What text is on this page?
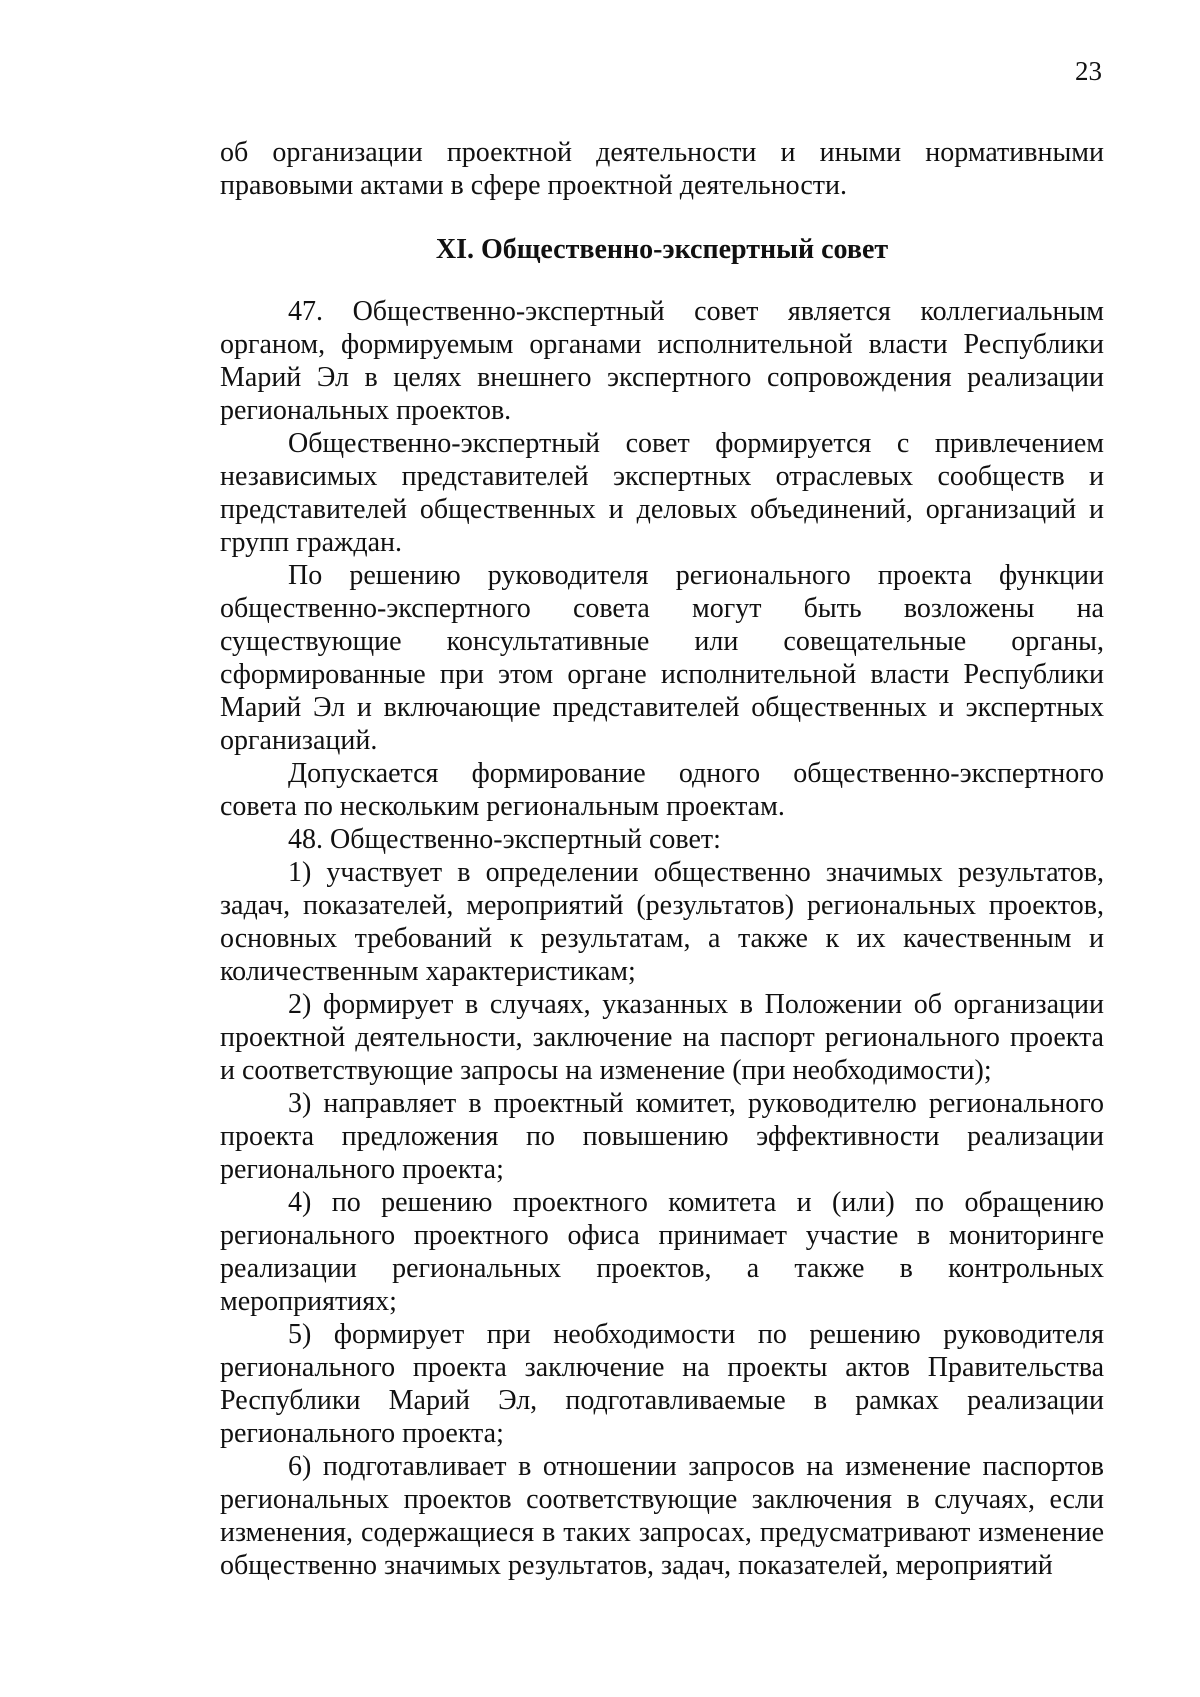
23

об организации проектной деятельности и иными нормативными правовыми актами в сфере проектной деятельности.

XI. Общественно-экспертный совет

47. Общественно-экспертный совет является коллегиальным органом, формируемым органами исполнительной власти Республики Марий Эл в целях внешнего экспертного сопровождения реализации региональных проектов.

Общественно-экспертный совет формируется с привлечением независимых представителей экспертных отраслевых сообществ и представителей общественных и деловых объединений, организаций и групп граждан.

По решению руководителя регионального проекта функции общественно-экспертного совета могут быть возложены на существующие консультативные или совещательные органы, сформированные при этом органе исполнительной власти Республики Марий Эл и включающие представителей общественных и экспертных организаций.

Допускается формирование одного общественно-экспертного совета по нескольким региональным проектам.

48. Общественно-экспертный совет:

1) участвует в определении общественно значимых результатов, задач, показателей, мероприятий (результатов) региональных проектов, основных требований к результатам, а также к их качественным и количественным характеристикам;

2) формирует в случаях, указанных в Положении об организации проектной деятельности, заключение на паспорт регионального проекта и соответствующие запросы на изменение (при необходимости);

3) направляет в проектный комитет, руководителю регионального проекта предложения по повышению эффективности реализации регионального проекта;

4) по решению проектного комитета и (или) по обращению регионального проектного офиса принимает участие в мониторинге реализации региональных проектов, а также в контрольных мероприятиях;

5) формирует при необходимости по решению руководителя регионального проекта заключение на проекты актов Правительства Республики Марий Эл, подготавливаемые в рамках реализации регионального проекта;

6) подготавливает в отношении запросов на изменение паспортов региональных проектов соответствующие заключения в случаях, если изменения, содержащиеся в таких запросах, предусматривают изменение общественно значимых результатов, задач, показателей, мероприятий
